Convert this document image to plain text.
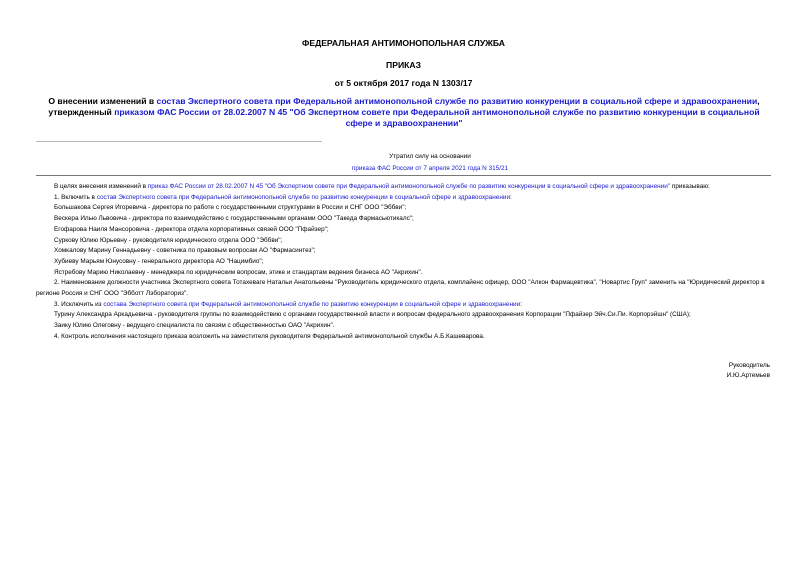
ФЕДЕРАЛЬНАЯ АНТИМОНОПОЛЬНАЯ СЛУЖБА
ПРИКАЗ
от 5 октября 2017 года N 1303/17
О внесении изменений в состав Экспертного совета при Федеральной антимонопольной службе по развитию конкуренции в социальной сфере и здравоохранении, утвержденный приказом ФАС России от 28.02.2007 N 45 "Об Экспертном совете при Федеральной антимонопольной службе по развитию конкуренции в социальной сфере и здравоохранении"
Утратил силу на основании
приказа ФАС России от 7 апреля 2021 года N 315/21

В целях внесения изменений в приказ ФАС России от 28.02.2007 N 45 "Об Экспертном совете при Федеральной антимонопольной службе по развитию конкуренции в социальной сфере и здравоохранении" приказываю:

1. Включить в состав Экспертного совета при Федеральной антимонопольной службе по развитию конкуренции в социальной сфере и здравоохранении:

Большакова Сергея Игоревича - директора по работе с государственными структурами в России и СНГ ООО "Эббви";

Вескера Илью Львовича - директора по взаимодействию с государственными органами ООО "Такеда Фармасьютикалс";

Егофарова Наиля Мансоровича - директора отдела корпоративных связей ООО "Пфайзер";

Суркову Юлию Юрьевну - руководителя юридического отдела ООО "Эббви";

Хомкалову Марину Геннадьевну - советника по правовым вопросам АО "Фармасинтез";

Хубиеву Марьям Юнусовну - генерального директора АО "Нацимбио";

Ястребову Марию Николаевну - менеджера по юридическим вопросам, этике и стандартам ведения бизнеса АО "Акрихин".

2. Наименование должности участника Экспертного совета Тотахеваге Натальи Анатольевны "Руководитель юридического отдела, комплайенс офицер, ООО "Алкон Фармацевтика", "Новартис Груп" заменить на "Юридический директор в регионе Россия и СНГ ООО "Эбботт Лэбораториз".

3. Исключить из состава Экспертного совета при Федеральной антимонопольной службе по развитию конкуренции в социальной сфере и здравоохранении:

Турину Александра Аркадьевича - руководителя группы по взаимодействию с органами государственной власти и вопросам федерального здравоохранения Корпорации "Пфайзер Эйч.Си.Пи. Корпорэйшн" (США);

Заику Юлию Олеговну - ведущего специалиста по связям с общественностью ОАО "Акрихин".

4. Контроль исполнения настоящего приказа возложить на заместителя руководителя Федеральной антимонопольной службы А.Б.Кашеварова.

Руководитель
И.Ю.Артемьев
